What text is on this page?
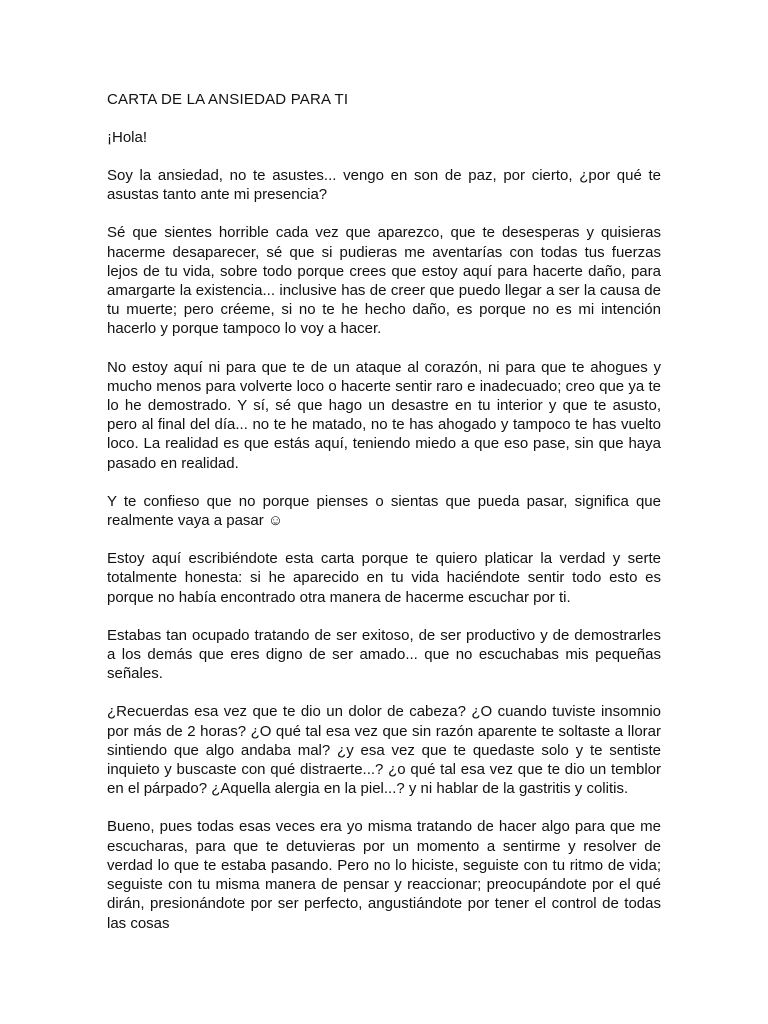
CARTA DE LA ANSIEDAD PARA TI
¡Hola!

Soy la ansiedad, no te asustes... vengo en son de paz, por cierto, ¿por qué te asustas tanto ante mi presencia?

Sé que sientes horrible cada vez que aparezco, que te desesperas y quisieras hacerme desaparecer, sé que si pudieras me aventarías con todas tus fuerzas lejos de tu vida, sobre todo porque crees que estoy aquí para hacerte daño, para amargarte la existencia... inclusive has de creer que puedo llegar a ser la causa de tu muerte; pero créeme, si no te he hecho daño, es porque no es mi intención hacerlo y porque tampoco lo voy a hacer.

No estoy aquí ni para que te de un ataque al corazón, ni para que te ahogues y mucho menos para volverte loco o hacerte sentir raro e inadecuado; creo que ya te lo he demostrado. Y sí, sé que hago un desastre en tu interior y que te asusto, pero al final del día... no te he matado, no te has ahogado y tampoco te has vuelto loco. La realidad es que estás aquí, teniendo miedo a que eso pase, sin que haya pasado en realidad.

Y te confieso que no porque pienses o sientas que pueda pasar, significa que realmente vaya a pasar ☺

Estoy aquí escribiéndote esta carta porque te quiero platicar la verdad y serte totalmente honesta: si he aparecido en tu vida haciéndote sentir todo esto es porque no había encontrado otra manera de hacerme escuchar por ti.

Estabas tan ocupado tratando de ser exitoso, de ser productivo y de demostrarles a los demás que eres digno de ser amado... que no escuchabas mis pequeñas señales.

¿Recuerdas esa vez que te dio un dolor de cabeza? ¿O cuando tuviste insomnio por más de 2 horas? ¿O qué tal esa vez que sin razón aparente te soltaste a llorar sintiendo que algo andaba mal? ¿y esa vez que te quedaste solo y te sentiste inquieto y buscaste con qué distraerte...? ¿o qué tal esa vez que te dio un temblor en el párpado? ¿Aquella alergia en la piel...? y ni hablar de la gastritis y colitis.

Bueno, pues todas esas veces era yo misma tratando de hacer algo para que me escucharas, para que te detuvieras por un momento a sentirme y resolver de verdad lo que te estaba pasando. Pero no lo hiciste, seguiste con tu ritmo de vida; seguiste con tu misma manera de pensar y reaccionar; preocupándote por el qué dirán, presionándote por ser perfecto, angustiándote por tener el control de todas las cosas
